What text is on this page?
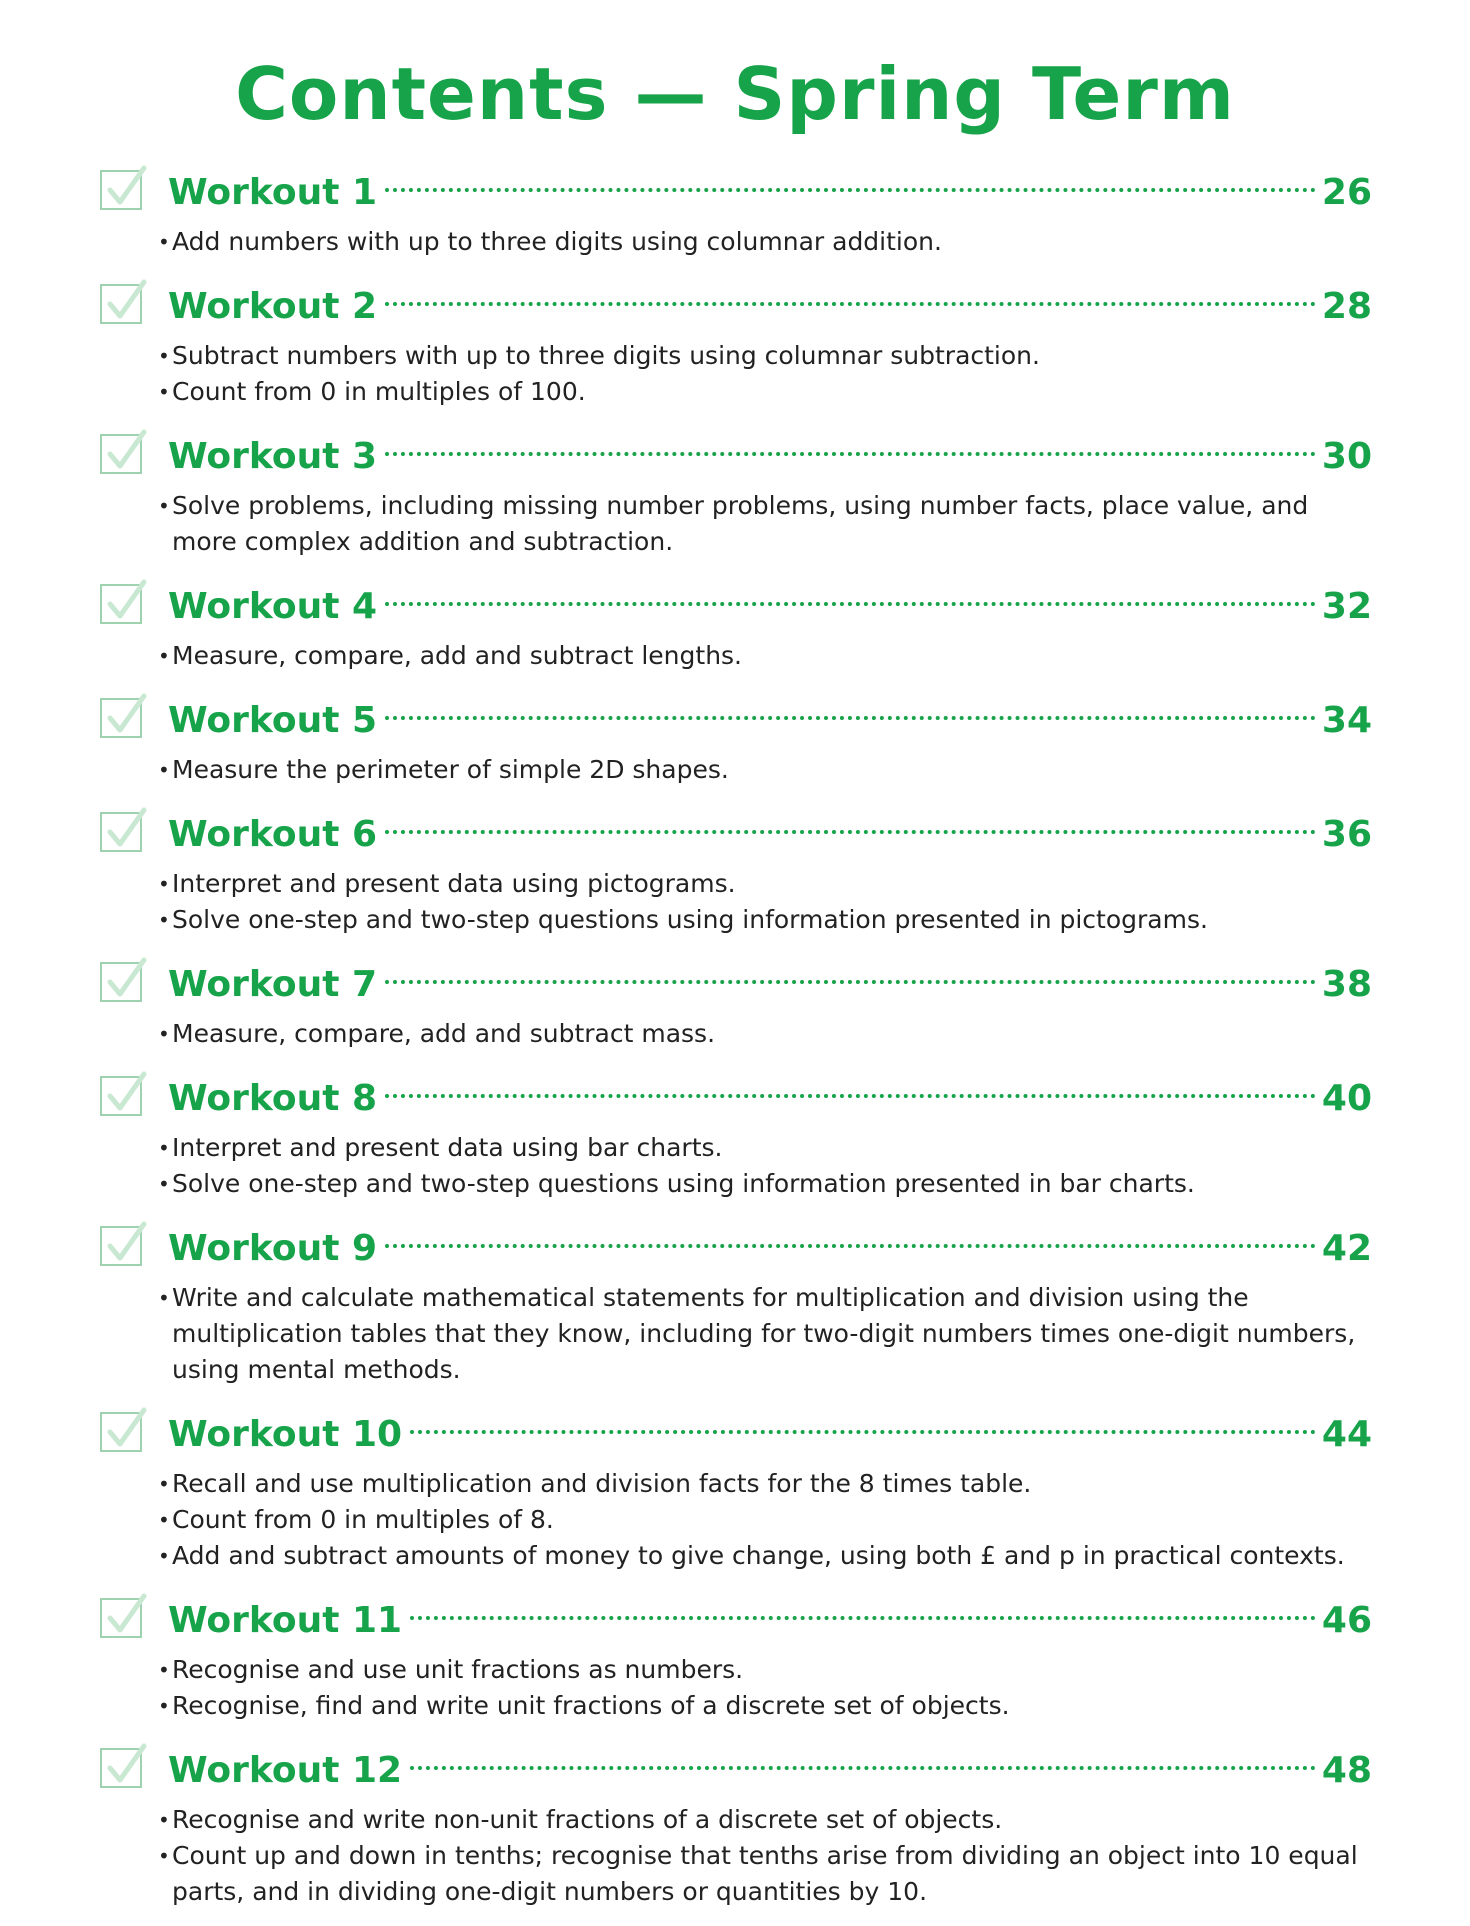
Contents — Spring Term
Workout 1	26
• Add numbers with up to three digits using columnar addition.
Workout 2	28
• Subtract numbers with up to three digits using columnar subtraction.
• Count from 0 in multiples of 100.
Workout 3	30
• Solve problems, including missing number problems, using number facts, place value, and more complex addition and subtraction.
Workout 4	32
• Measure, compare, add and subtract lengths.
Workout 5	34
• Measure the perimeter of simple 2D shapes.
Workout 6	36
• Interpret and present data using pictograms.
• Solve one-step and two-step questions using information presented in pictograms.
Workout 7	38
• Measure, compare, add and subtract mass.
Workout 8	40
• Interpret and present data using bar charts.
• Solve one-step and two-step questions using information presented in bar charts.
Workout 9	42
• Write and calculate mathematical statements for multiplication and division using the multiplication tables that they know, including for two-digit numbers times one-digit numbers, using mental methods.
Workout 10	44
• Recall and use multiplication and division facts for the 8 times table.
• Count from 0 in multiples of 8.
• Add and subtract amounts of money to give change, using both £ and p in practical contexts.
Workout 11	46
• Recognise and use unit fractions as numbers.
• Recognise, find and write unit fractions of a discrete set of objects.
Workout 12	48
• Recognise and write non-unit fractions of a discrete set of objects.
• Count up and down in tenths; recognise that tenths arise from dividing an object into 10 equal parts, and in dividing one-digit numbers or quantities by 10.
